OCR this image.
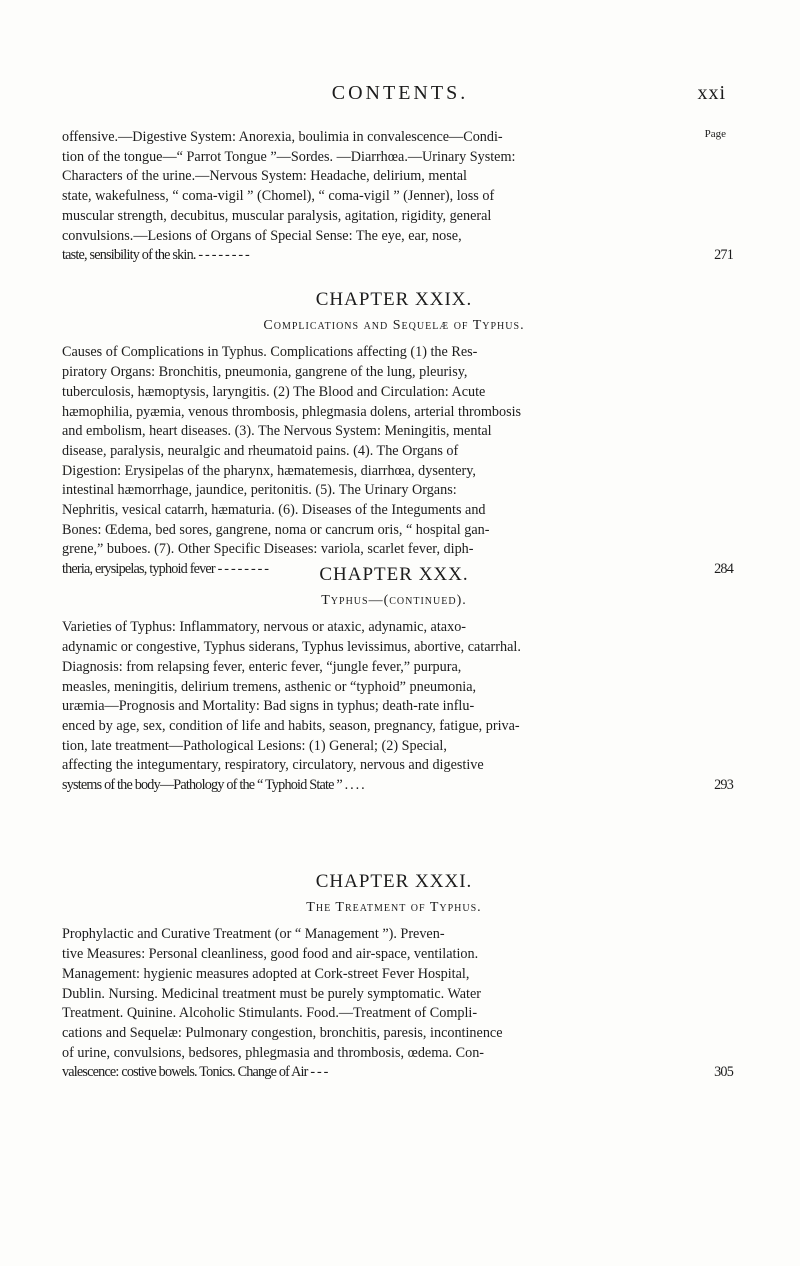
CONTENTS.	xxi
Page
offensive.—Digestive System: Anorexia, boulimia in convalescence—Condi-
tion of the tongue—“ Parrot Tongue ”—Sordes. —Diarrhœa.—Urinary System:
Characters of the urine.—Nervous System: Headache, delirium, mental
state, wakefulness, “ coma-vigil ” (Chomel), “ coma-vigil ” (Jenner), loss of
muscular strength, decubitus, muscular paralysis, agitation, rigidity, general
convulsions.—Lesions of Organs of Special Sense: The eye, ear, nose,
taste, sensibility of the skin. - - - - - - - -	271
CHAPTER XXIX.
Complications and Sequelæ of Typhus.
Causes of Complications in Typhus. Complications affecting (1) the Res-
piratory Organs: Bronchitis, pneumonia, gangrene of the lung, pleurisy,
tuberculosis, hæmoptysis, laryngitis. (2) The Blood and Circulation: Acute
hæmophilia, pyæmia, venous thrombosis, phlegmasia dolens, arterial thrombosis
and embolism, heart diseases. (3). The Nervous System: Meningitis, mental
disease, paralysis, neuralgic and rheumatoid pains. (4). The Organs of
Digestion: Erysipelas of the pharynx, hæmatemesis, diarrhœa, dysentery,
intestinal hæmorrhage, jaundice, peritonitis. (5). The Urinary Organs:
Nephritis, vesical catarrh, hæmaturia. (6). Diseases of the Integuments and
Bones: Œdema, bed sores, gangrene, noma or cancrum oris, “ hospital gan-
grene,” buboes. (7). Other Specific Diseases: variola, scarlet fever, diph-
theria, erysipelas, typhoid fever - - - - - - - -	284
CHAPTER XXX.
Typhus—(continued).
Varieties of Typhus: Inflammatory, nervous or ataxic, adynamic, ataxo-
adynamic or congestive, Typhus siderans, Typhus levissimus, abortive, catarrhal.
Diagnosis: from relapsing fever, enteric fever, “jungle fever,” purpura,
measles, meningitis, delirium tremens, asthenic or “typhoid” pneumonia,
uræmia—Prognosis and Mortality: Bad signs in typhus; death-rate influ-
enced by age, sex, condition of life and habits, season, pregnancy, fatigue, priva-
tion, late treatment—Pathological Lesions: (1) General; (2) Special,
affecting the integumentary, respiratory, circulatory, nervous and digestive
systems of the body—Pathology of the “ Typhoid State ” . . . .	293
CHAPTER XXXI.
The Treatment of Typhus.
Prophylactic and Curative Treatment (or “ Management ”). Preven-
tive Measures: Personal cleanliness, good food and air-space, ventilation.
Management: hygienic measures adopted at Cork-street Fever Hospital,
Dublin. Nursing. Medicinal treatment must be purely symptomatic. Water
Treatment. Quinine. Alcoholic Stimulants. Food.—Treatment of Compli-
cations and Sequelæ: Pulmonary congestion, bronchitis, paresis, incontinence
of urine, convulsions, bedsores, phlegmasia and thrombosis, œdema. Con-
valescence: costive bowels. Tonics. Change of Air - - -	305
